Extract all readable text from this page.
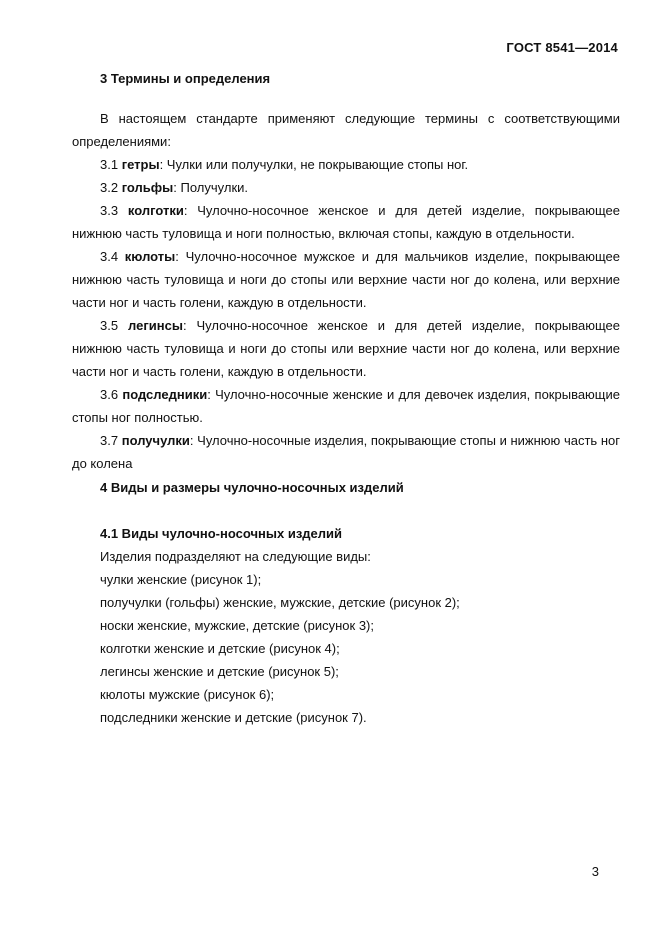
ГОСТ 8541—2014
3 Термины и определения

В настоящем стандарте применяют следующие термины с соответствующими определениями:

3.1 гетры: Чулки или получулки, не покрывающие стопы ног.

3.2 гольфы: Получулки.

3.3 колготки: Чулочно-носочное женское и для детей изделие, покрывающее нижнюю часть туловища и ноги полностью, включая стопы, каждую в отдельности.

3.4 кюлоты: Чулочно-носочное мужское и для мальчиков изделие, покрывающее нижнюю часть туловища и ноги до стопы или верхние части ног до колена, или верхние части ног и часть голени, каждую в отдельности.

3.5 легинсы: Чулочно-носочное женское и для детей изделие, покрывающее нижнюю часть туловища и ноги до стопы или верхние части ног до колена, или верхние части ног и часть голени, каждую в отдельности.

3.6 подследники: Чулочно-носочные женские и для девочек изделия, покрывающие стопы ног полностью.

3.7 получулки: Чулочно-носочные изделия, покрывающие стопы и нижнюю часть ног до колена

4 Виды и размеры чулочно-носочных изделий
4.1 Виды чулочно-носочных изделий
Изделия подразделяют на следующие виды:
чулки женские (рисунок 1);
получулки (гольфы) женские, мужские, детские (рисунок 2);
носки женские, мужские, детские (рисунок 3);
колготки женские и детские (рисунок 4);
легинсы женские и детские (рисунок 5);
кюлоты мужские (рисунок 6);
подследники женские и детские (рисунок 7).
3
